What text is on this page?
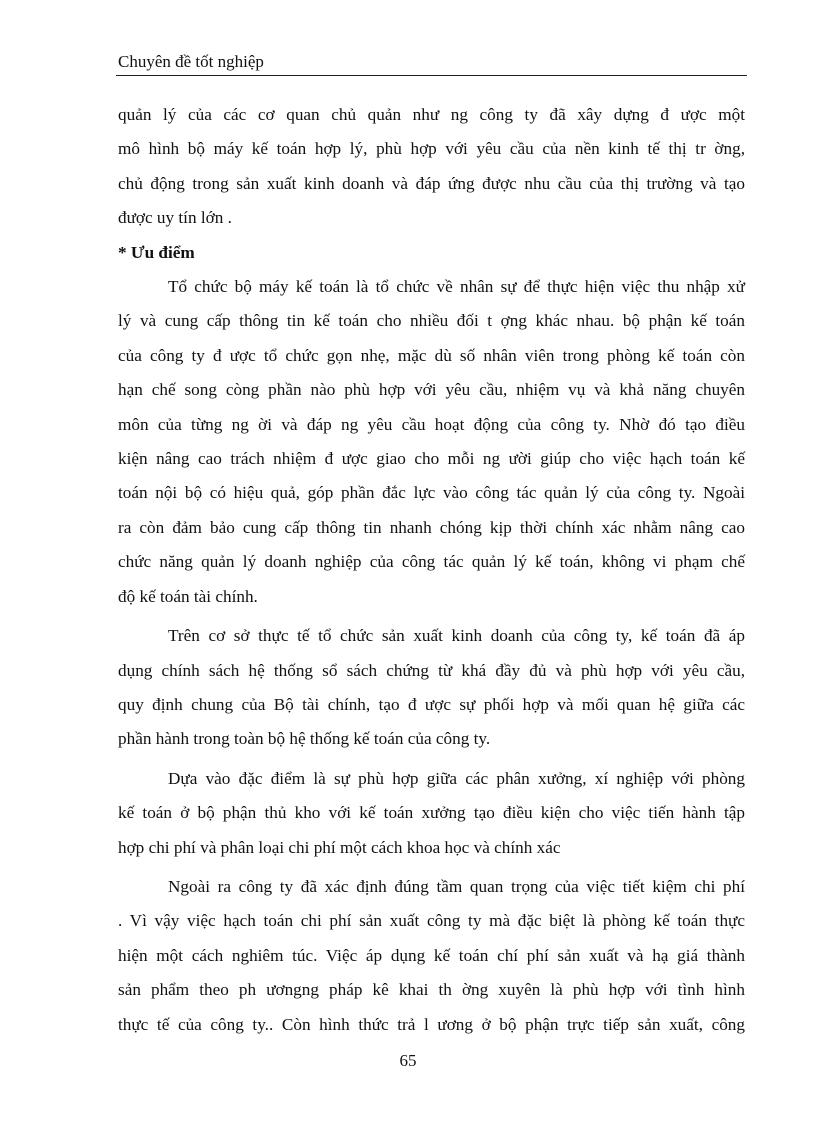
Chuyên đề tốt nghiệp

quản lý của các cơ quan chủ quản như ng công ty đã xây dựng đ ược một

mô hình bộ máy kế toán hợp lý, phù hợp với yêu cầu của nền kinh tế thị tr ờng,

chủ động trong sản xuất kinh doanh và đáp ứng được nhu cầu của thị trường và tạo

được uy tín lớn .

* Ưu điểm

Tổ chức bộ máy kế toán là tổ chức về nhân sự để thực hiện việc thu nhập xử

lý và cung cấp thông tin kế toán cho nhiều đối t ợng khác nhau. bộ phận kế toán

của công ty đ ược tổ chức gọn nhẹ, mặc dù số nhân viên trong phòng kế toán còn

hạn chế song còng phần nào phù hợp với yêu cầu, nhiệm vụ và khả năng chuyên

môn của từng ng ời và đáp ng yêu cầu hoạt động của công ty. Nhờ đó tạo điều

kiện nâng cao trách nhiệm đ ược giao cho mỗi ng ười giúp cho việc hạch toán kế

toán nội bộ có hiệu quả, góp phần đắc lực vào công tác quản lý của công ty. Ngoài

ra còn đảm bảo cung cấp thông tin nhanh chóng kịp thời chính xác nhằm nâng cao

chức năng quản lý doanh nghiệp của công tác quản lý kế toán, không vi phạm chế

độ kế toán tài chính.

Trên cơ sở thực tế tổ chức sản xuất kinh doanh của công ty, kế toán đã áp

dụng chính sách hệ thống sổ sách chứng từ khá đầy đủ và phù hợp với yêu cầu,

quy định chung của Bộ tài chính, tạo đ ược sự phối hợp và mối quan hệ giữa các

phần hành trong toàn bộ hệ thống kế toán của công ty.

Dựa vào đặc điểm là sự phù hợp giữa các phân xưởng, xí nghiệp với phòng

kế toán ở bộ phận thủ kho với kế toán xưởng tạo điều kiện cho việc tiến hành tập

hợp chi phí và phân loại chi phí một cách khoa học và chính xác

Ngoài ra công ty đã xác định đúng tầm quan trọng của việc tiết kiệm chi phí

. Vì vậy việc hạch toán chi phí sản xuất công ty mà đặc biệt là phòng kế toán thực

hiện một cách nghiêm túc. Việc áp dụng kế toán chí phí sản xuất và hạ giá thành

sản phẩm theo ph ươngng pháp kê khai th ờng xuyên là phù hợp với tình hình

thực tế của công ty.. Còn hình thức trả l ương ở bộ phận trực tiếp sản xuất, công

65
